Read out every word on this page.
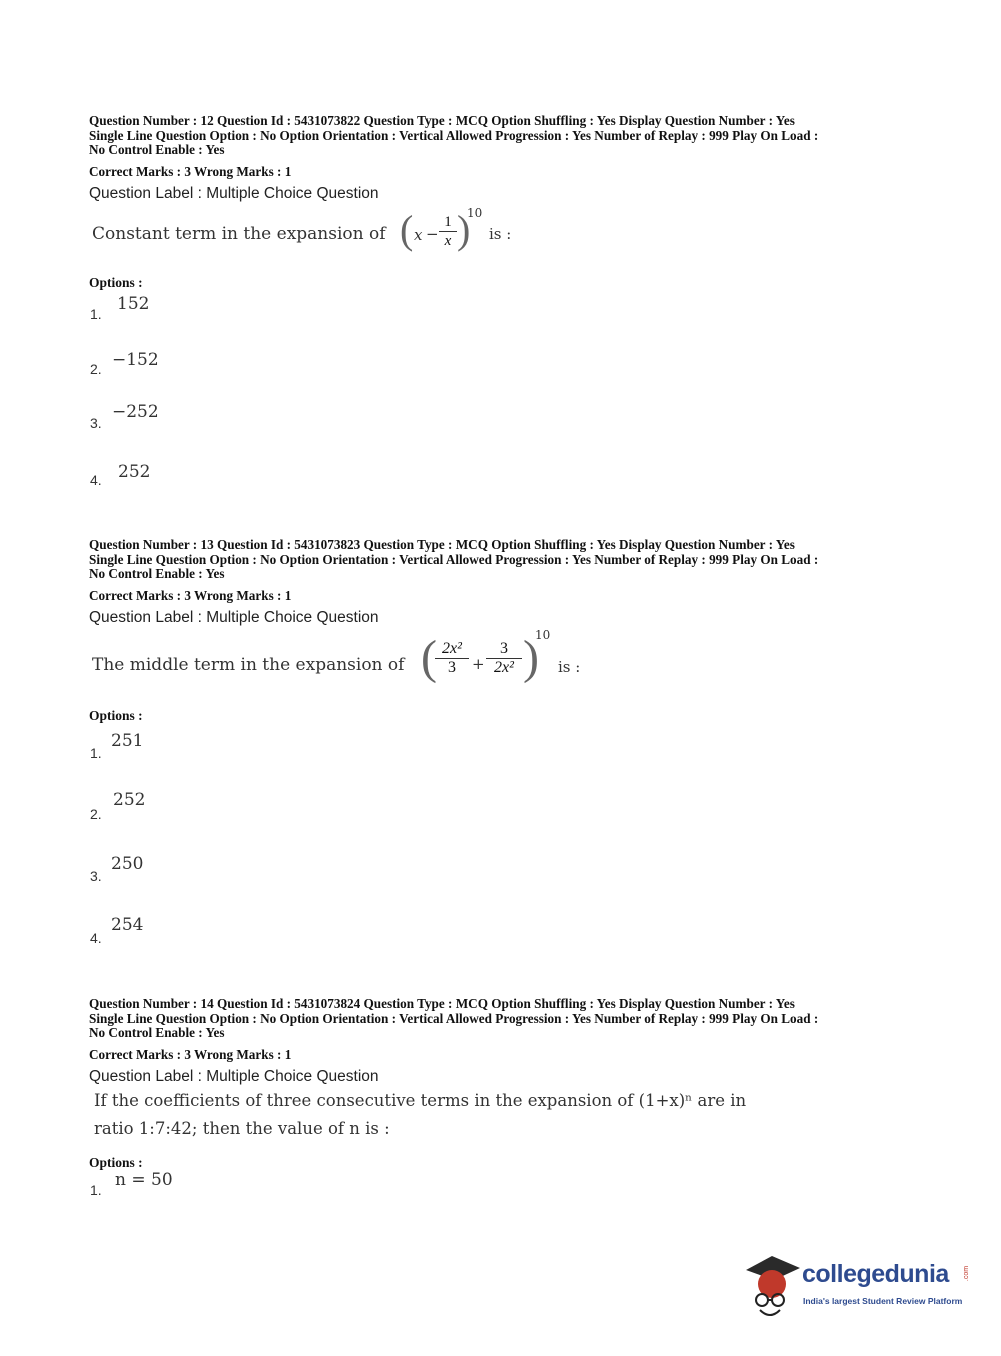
Question Number : 12 Question Id : 5431073822 Question Type : MCQ Option Shuffling : Yes Display Question Number : Yes

Single Line Question Option : No Option Orientation : Vertical Allowed Progression : Yes Number of Replay : 999 Play On Load :

No Control Enable : Yes

Correct Marks : 3 Wrong Marks : 1
Question Label : Multiple Choice Question
Constant term in the expansion of ( $x - \frac{1}{x}$ )
10
is :
Options :
1. 152
2. −152
3.
−252
4. 252

Question Number : 13 Question Id : 5431073823 Question Type : MCQ Option Shuffling : Yes Display Question Number : Yes

Single Line Question Option : No Option Orientation : Vertical Allowed Progression : Yes Number of Replay : 999 Play On Load :

No Control Enable : Yes

Correct Marks : 3 Wrong Marks : 1
Question Label : Multiple Choice Question
The middle term in the expansion of (
$\frac{\text{2x²}}{3} + \frac{3}{\text{2x²}}$ )
10
is :
Options :
1.
251
2.
252
3.
250
4.
254

Question Number : 14 Question Id : 5431073824 Question Type : MCQ Option Shuffling : Yes Display Question Number : Yes

Single Line Question Option : No Option Orientation : Vertical Allowed Progression : Yes Number of Replay : 999 Play On Load :

No Control Enable : Yes

Correct Marks : 3 Wrong Marks : 1
Question Label : Multiple Choice Question
If the coefficients of three consecutive terms in the expansion of (1+x)ⁿ are in
ratio 1:7:42; then the value of n is :
Options :
1. n = 50
collegedunia .com
India's largest Student Review Platform
